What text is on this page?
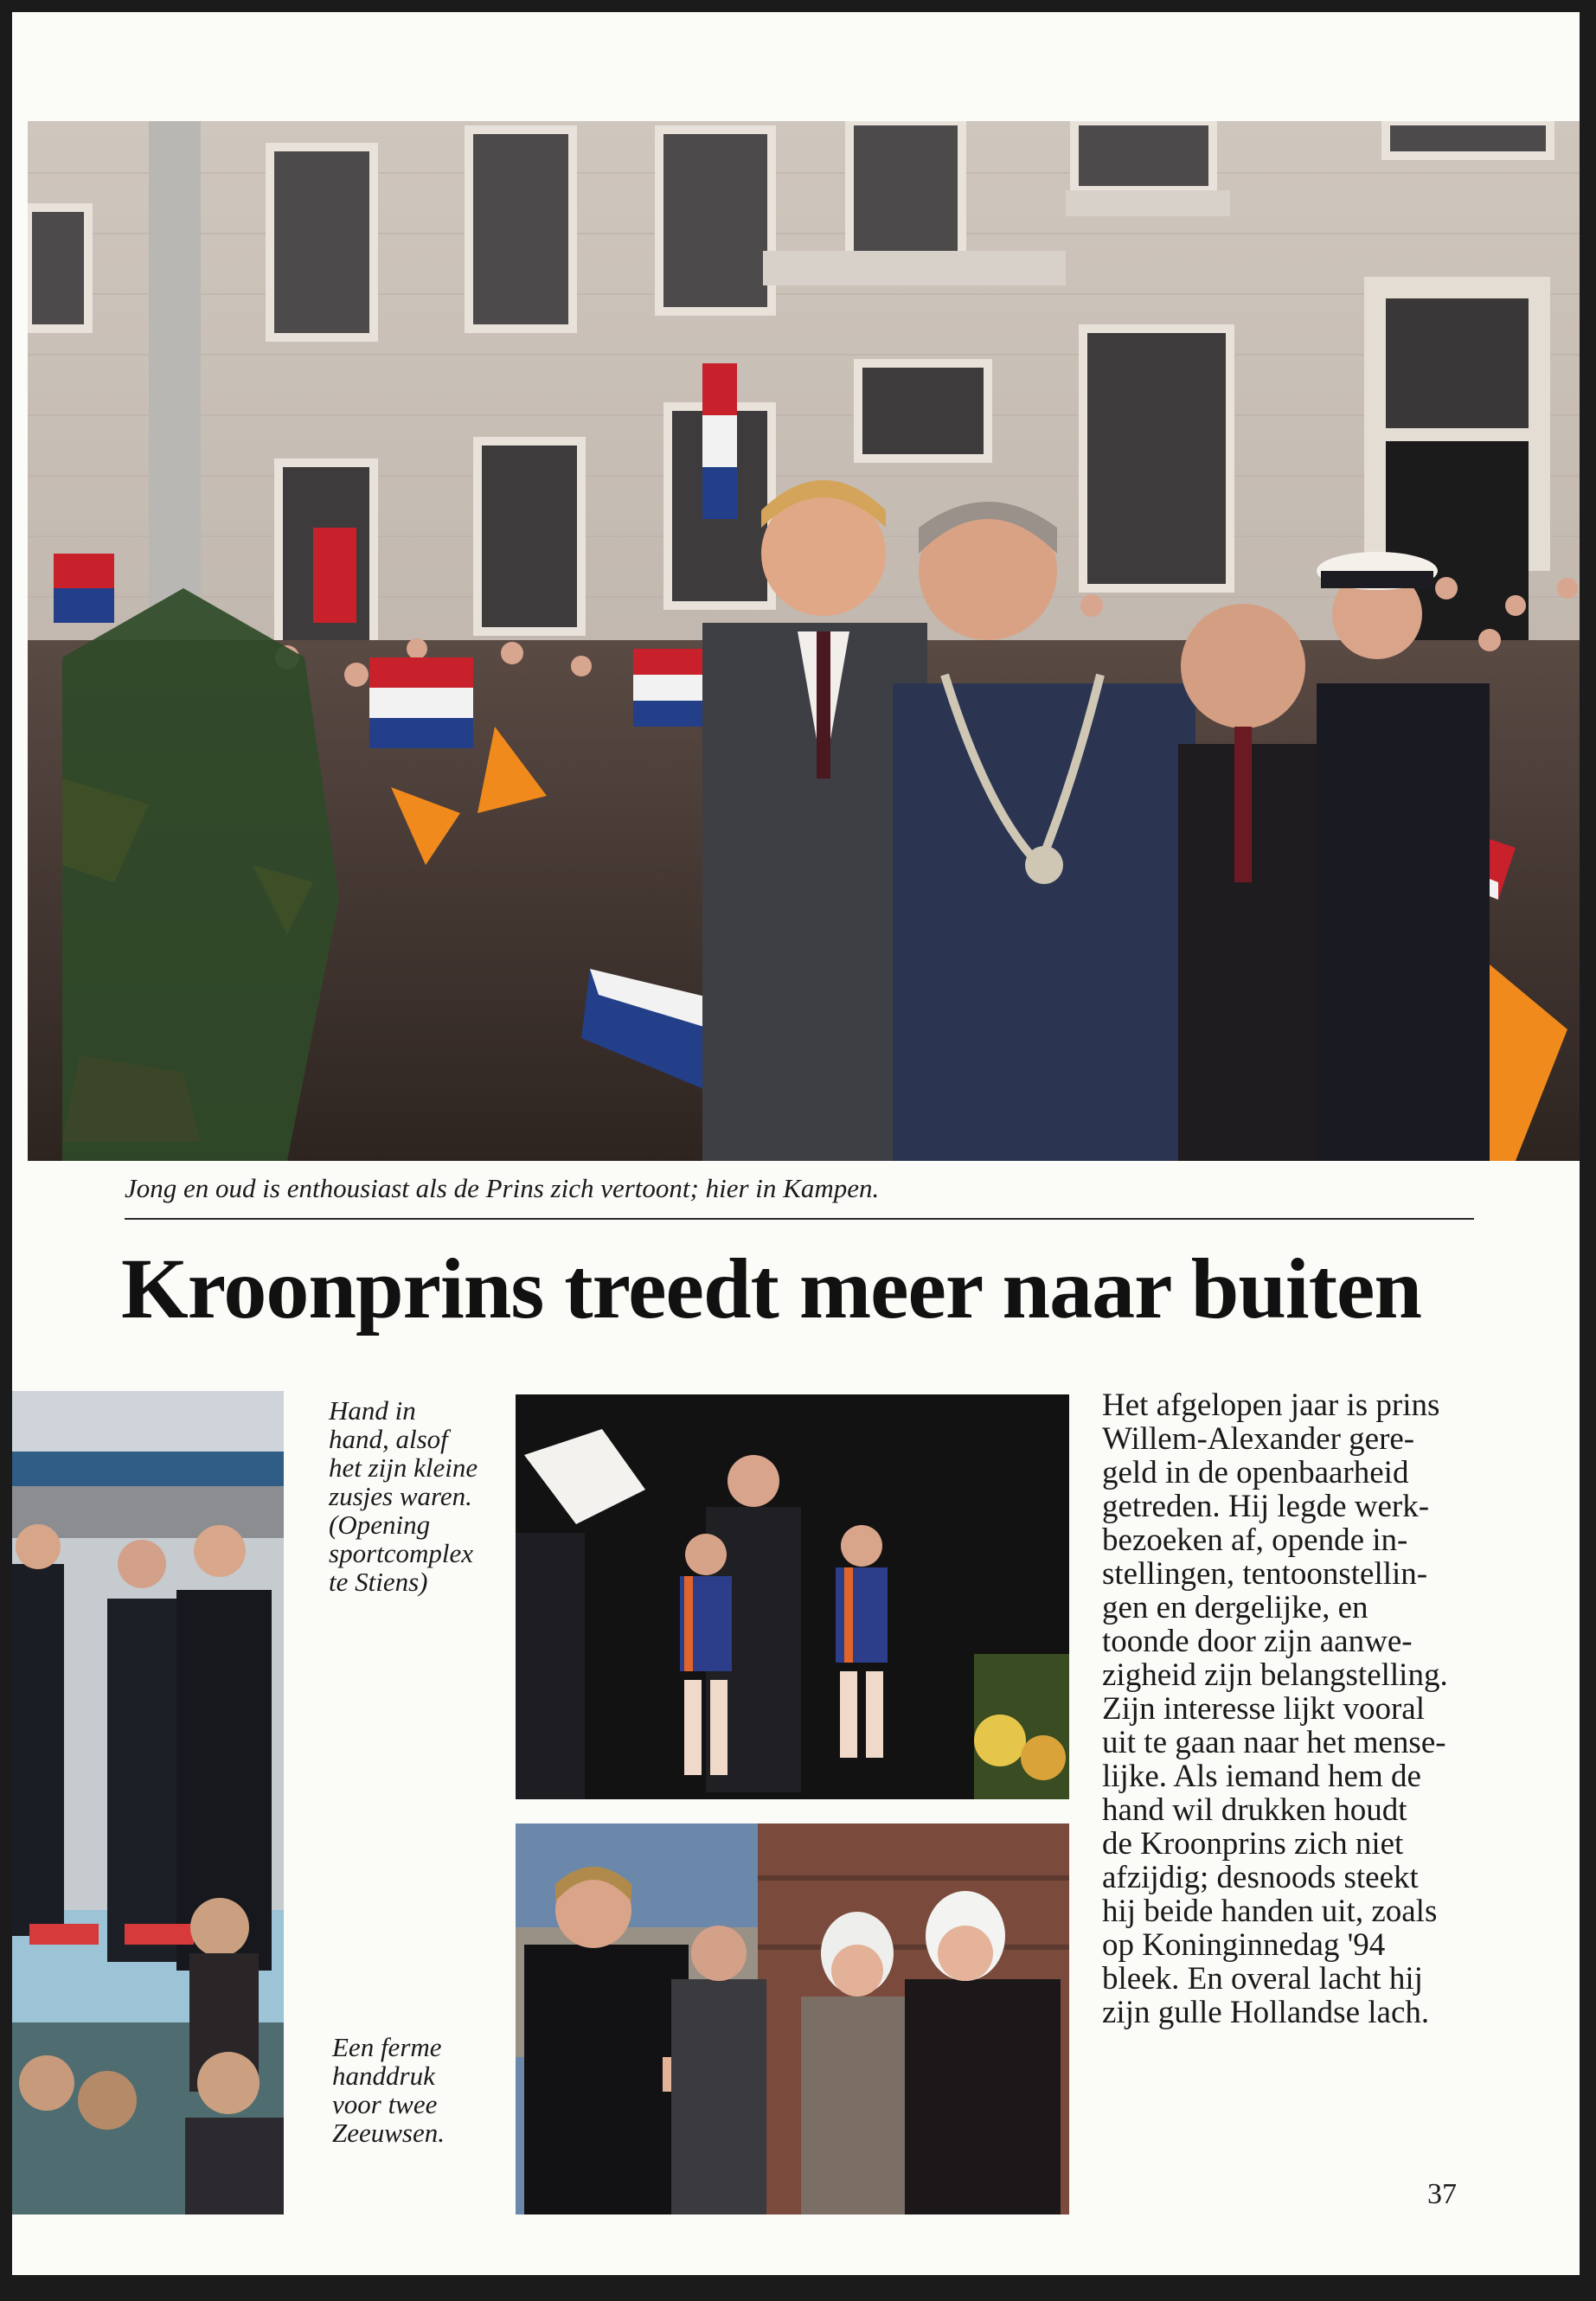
Jong en oud is enthousiast als de Prins zich vertoont; hier in Kampen.
Kroonprins treedt meer naar buiten
Hand in
hand, alsof
het zijn kleine
zusjes waren.
(Opening
sportcomplex
te Stiens)
Een ferme
handdruk
voor twee
Zeeuwsen.
Het afgelopen jaar is prins
Willem-Alexander gere-
geld in de openbaarheid
getreden. Hij legde werk-
bezoeken af, opende in-
stellingen, tentoonstellin-
gen en dergelijke, en
toonde door zijn aanwe-
zigheid zijn belangstelling.
Zijn interesse lijkt vooral
uit te gaan naar het mense-
lijke. Als iemand hem de
hand wil drukken houdt
de Kroonprins zich niet
afzijdig; desnoods steekt
hij beide handen uit, zoals
op Koninginnedag '94
bleek. En overal lacht hij
zijn gulle Hollandse lach.
37
